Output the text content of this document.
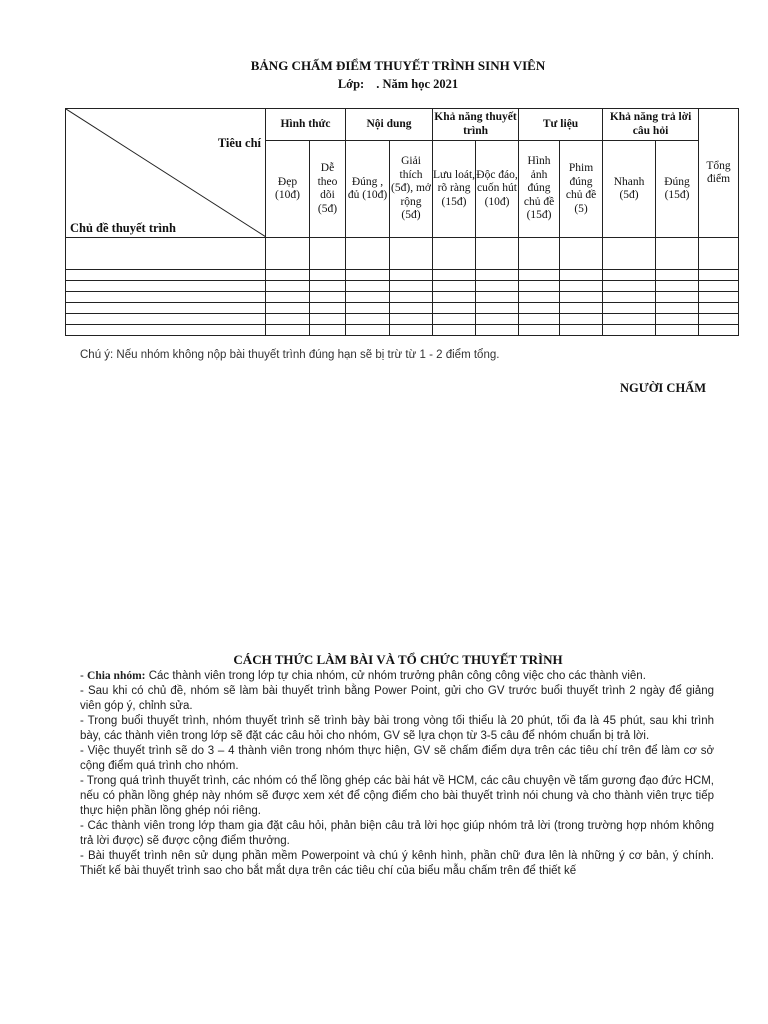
BẢNG CHẤM ĐIỂM THUYẾT TRÌNH SINH VIÊN
Lớp: . Năm học 2021
Tiêu chí
Chủ đề thuyết trình	Hình thức		Nội dung		Khả năng thuyết trình		Tư liệu		Khả năng trả lời câu hỏi		Tổng điểm
	Đẹp (10đ)	Dễ theo dõi (5đ)	Đúng , đủ (10đ)	Giải thích (5đ), mở rộng (5đ)	Lưu loát, rõ ràng (15đ)	Độc đáo, cuốn hút (10đ)	Hình ảnh đúng chủ đề (15đ)	Phim đúng chủ đề (5)	Nhanh (5đ)	Đúng (15đ)	

Chú ý: Nếu nhóm không nộp bài thuyết trình đúng hạn sẽ bị trừ từ 1 - 2 điểm tổng.
NGƯỜI CHẤM
CÁCH THỨC LÀM BÀI VÀ TỔ CHỨC THUYẾT TRÌNH

- Chia nhóm: Các thành viên trong lớp tự chia nhóm, cử nhóm trưởng phân công công việc cho các thành viên.

- Sau khi có chủ đề, nhóm sẽ làm bài thuyết trình bằng Power Point, gửi cho GV trước buổi thuyết trình 2 ngày để giảng viên góp ý, chỉnh sửa.

- Trong buổi thuyết trình, nhóm thuyết trình sẽ trình bày bài trong vòng tối thiểu là 20 phút, tối đa là 45 phút, sau khi trình bày, các thành viên trong lớp sẽ đặt các câu hỏi cho nhóm, GV sẽ lựa chọn từ 3-5 câu để nhóm chuẩn bị trả lời.

- Việc thuyết trình sẽ do 3 – 4 thành viên trong nhóm thực hiện, GV sẽ chấm điểm dựa trên các tiêu chí trên để làm cơ sở cộng điểm quá trình cho nhóm.

- Trong quá trình thuyết trình, các nhóm có thể lồng ghép các bài hát về HCM, các câu chuyện về tấm gương đạo đức HCM, nếu có phần lồng ghép này nhóm sẽ được xem xét để cộng điểm cho bài thuyết trình nói chung và cho thành viên trực tiếp thực hiện phần lồng ghép nói riêng.

- Các thành viên trong lớp tham gia đặt câu hỏi, phản biện câu trả lời học giúp nhóm trả lời (trong trường hợp nhóm không trả lời được) sẽ được cộng điểm thưởng.

- Bài thuyết trình nên sử dụng phần mềm Powerpoint và chú ý kênh hình, phần chữ đưa lên là những ý cơ bản, ý chính. Thiết kế bài thuyết trình sao cho bắt mắt dựa trên các tiêu chí của biểu mẫu chấm trên để thiết kế
